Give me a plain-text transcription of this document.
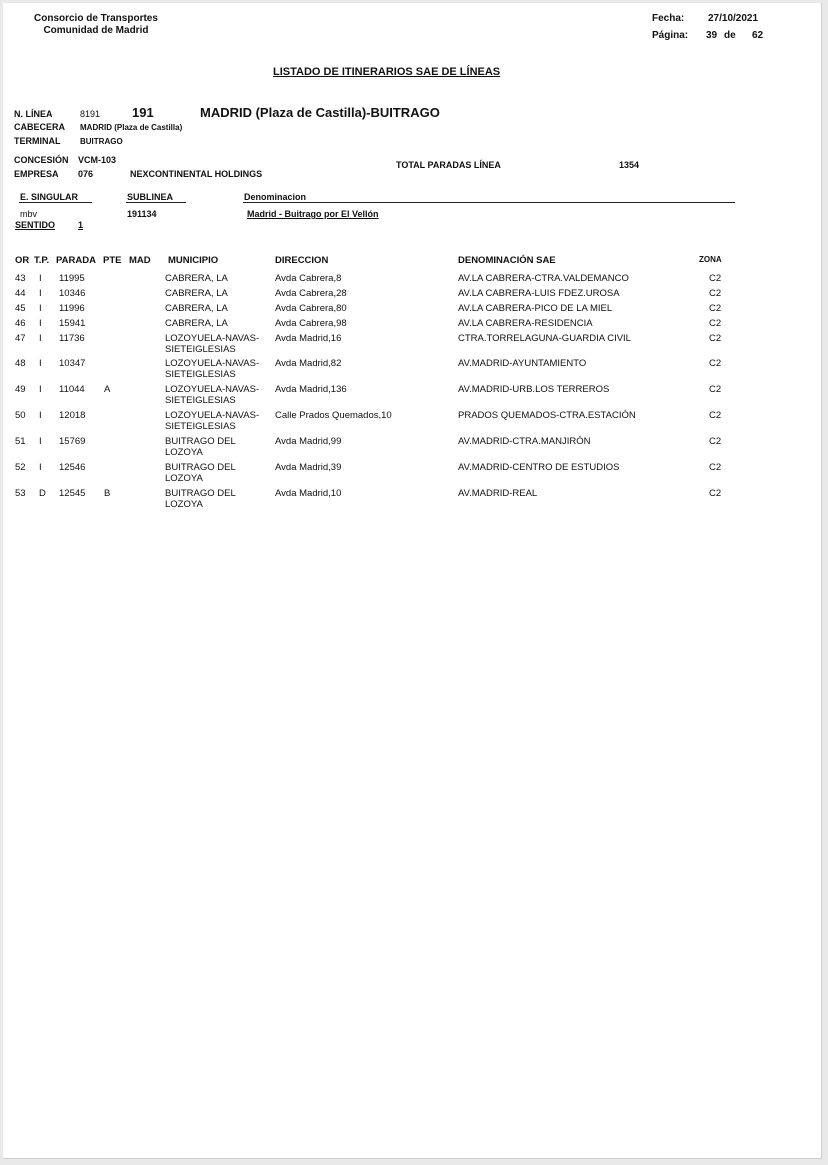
Consorcio de Transportes
Comunidad de Madrid
Fecha: 27/10/2021
Página: 39 de 62
LISTADO DE ITINERARIOS SAE DE LÍNEAS
N. LÍNEA	8191 191	MADRID (Plaza de Castilla)-BUITRAGO
CABECERA MADRID (Plaza de Castilla)
TERMINAL BUITRAGO
CONCESIÓN VCM-103
EMPRESA 076	NEXCONTINENTAL HOLDINGS
TOTAL PARADAS LÍNEA	1354
E. SINGULAR	SUBLINEA	Denominacion
mbv	191134	Madrid - Buitrago por El Vellón
SENTIDO	1
OR T.P. PARADA PTE MAD MUNICIPIO	DIRECCION	DENOMINACIÓN SAE	ZONA
43 I 11995	CABRERA, LA	Avda Cabrera,8	AV.LA CABRERA-CTRA.VALDEMANCO	C2
44 I 10346	CABRERA, LA	Avda Cabrera,28	AV.LA CABRERA-LUIS FDEZ.UROSA	C2
45 I 11996	CABRERA, LA	Avda Cabrera,80	AV.LA CABRERA-PICO DE LA MIEL	C2
46 I 15941	CABRERA, LA	Avda Cabrera,98	AV.LA CABRERA-RESIDENCIA	C2
47 I 11736	LOZOYUELA-NAVAS-SIETEIGLESIAS
Avda Madrid,16	CTRA.TORRELAGUNA-GUARDIA CIVIL	C2
48 I 10347	LOZOYUELA-NAVAS-SIETEIGLESIAS
Avda Madrid,82	AV.MADRID-AYUNTAMIENTO	C2
49 I 11044 A	LOZOYUELA-NAVAS-SIETEIGLESIAS
Avda Madrid,136	AV.MADRID-URB.LOS TERREROS	C2
50 I 12018	LOZOYUELA-NAVAS-SIETEIGLESIAS
Calle Prados Quemados,10	PRADOS QUEMADOS-CTRA.ESTACIÓN	C2
51 I 15769	BUITRAGO DEL LOZOYA
Avda Madrid,99	AV.MADRID-CTRA.MANJIRÓN	C2
52 I 12546	BUITRAGO DEL LOZOYA
Avda Madrid,39	AV.MADRID-CENTRO DE ESTUDIOS	C2
53 D 12545 B	BUITRAGO DEL LOZOYA
Avda Madrid,10	AV.MADRID-REAL	C2
